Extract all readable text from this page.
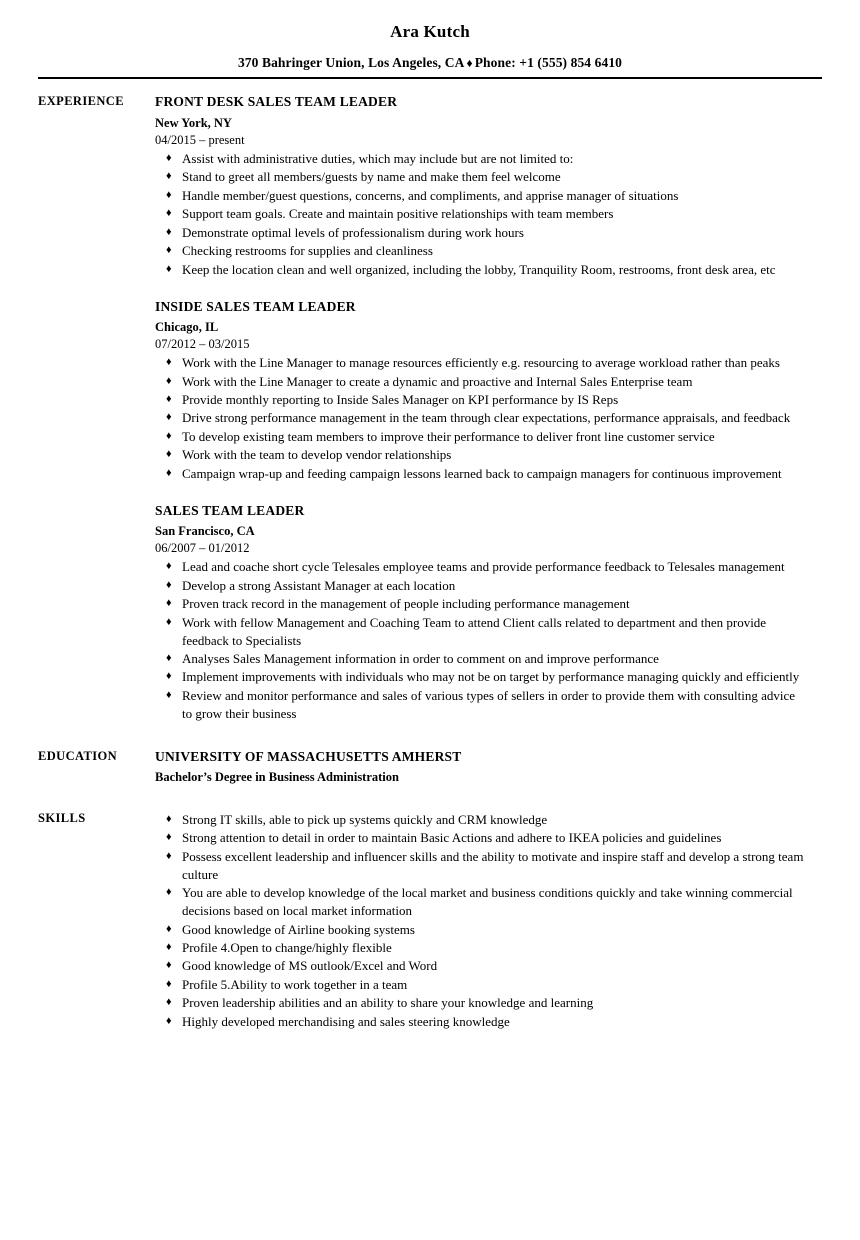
Ara Kutch
370 Bahringer Union, Los Angeles, CA ♦ Phone: +1 (555) 854 6410
EXPERIENCE	FRONT DESK SALES TEAM LEADER
New York, NY
04/2015 – present
♦ Assist with administrative duties, which may include but are not limited to:
♦ Stand to greet all members/guests by name and make them feel welcome
♦ Handle member/guest questions, concerns, and compliments, and apprise manager of situations
♦ Support team goals. Create and maintain positive relationships with team members
♦ Demonstrate optimal levels of professionalism during work hours
♦ Checking restrooms for supplies and cleanliness
♦ Keep the location clean and well organized, including the lobby, Tranquility Room, restrooms, front desk area, etc
INSIDE SALES TEAM LEADER
Chicago, IL
07/2012 – 03/2015
♦ Work with the Line Manager to manage resources efficiently e.g. resourcing to average workload rather than peaks
♦ Work with the Line Manager to create a dynamic and proactive and Internal Sales Enterprise team
♦ Provide monthly reporting to Inside Sales Manager on KPI performance by IS Reps
♦ Drive strong performance management in the team through clear expectations, performance appraisals, and feedback
♦ To develop existing team members to improve their performance to deliver front line customer service
♦ Work with the team to develop vendor relationships
♦ Campaign wrap-up and feeding campaign lessons learned back to campaign managers for continuous improvement
SALES TEAM LEADER
San Francisco, CA
06/2007 – 01/2012
♦ Lead and coache short cycle Telesales employee teams and provide performance feedback to Telesales management
♦ Develop a strong Assistant Manager at each location
♦ Proven track record in the management of people including performance management
♦ Work with fellow Management and Coaching Team to attend Client calls related to department and then provide feedback to Specialists
♦ Analyses Sales Management information in order to comment on and improve performance
♦ Implement improvements with individuals who may not be on target by performance managing quickly and efficiently
♦ Review and monitor performance and sales of various types of sellers in order to provide them with consulting advice to grow their business
EDUCATION	UNIVERSITY OF MASSACHUSETTS AMHERST
Bachelor’s Degree in Business Administration
SKILLS	♦ Strong IT skills, able to pick up systems quickly and CRM knowledge
♦ Strong attention to detail in order to maintain Basic Actions and adhere to IKEA policies and guidelines
♦ Possess excellent leadership and influencer skills and the ability to motivate and inspire staff and develop a strong team culture
♦ You are able to develop knowledge of the local market and business conditions quickly and take winning commercial decisions based on local market information
♦ Good knowledge of Airline booking systems
♦ Profile 4.Open to change/highly flexible
♦ Good knowledge of MS outlook/Excel and Word
♦ Profile 5.Ability to work together in a team
♦ Proven leadership abilities and an ability to share your knowledge and learning
♦ Highly developed merchandising and sales steering knowledge
